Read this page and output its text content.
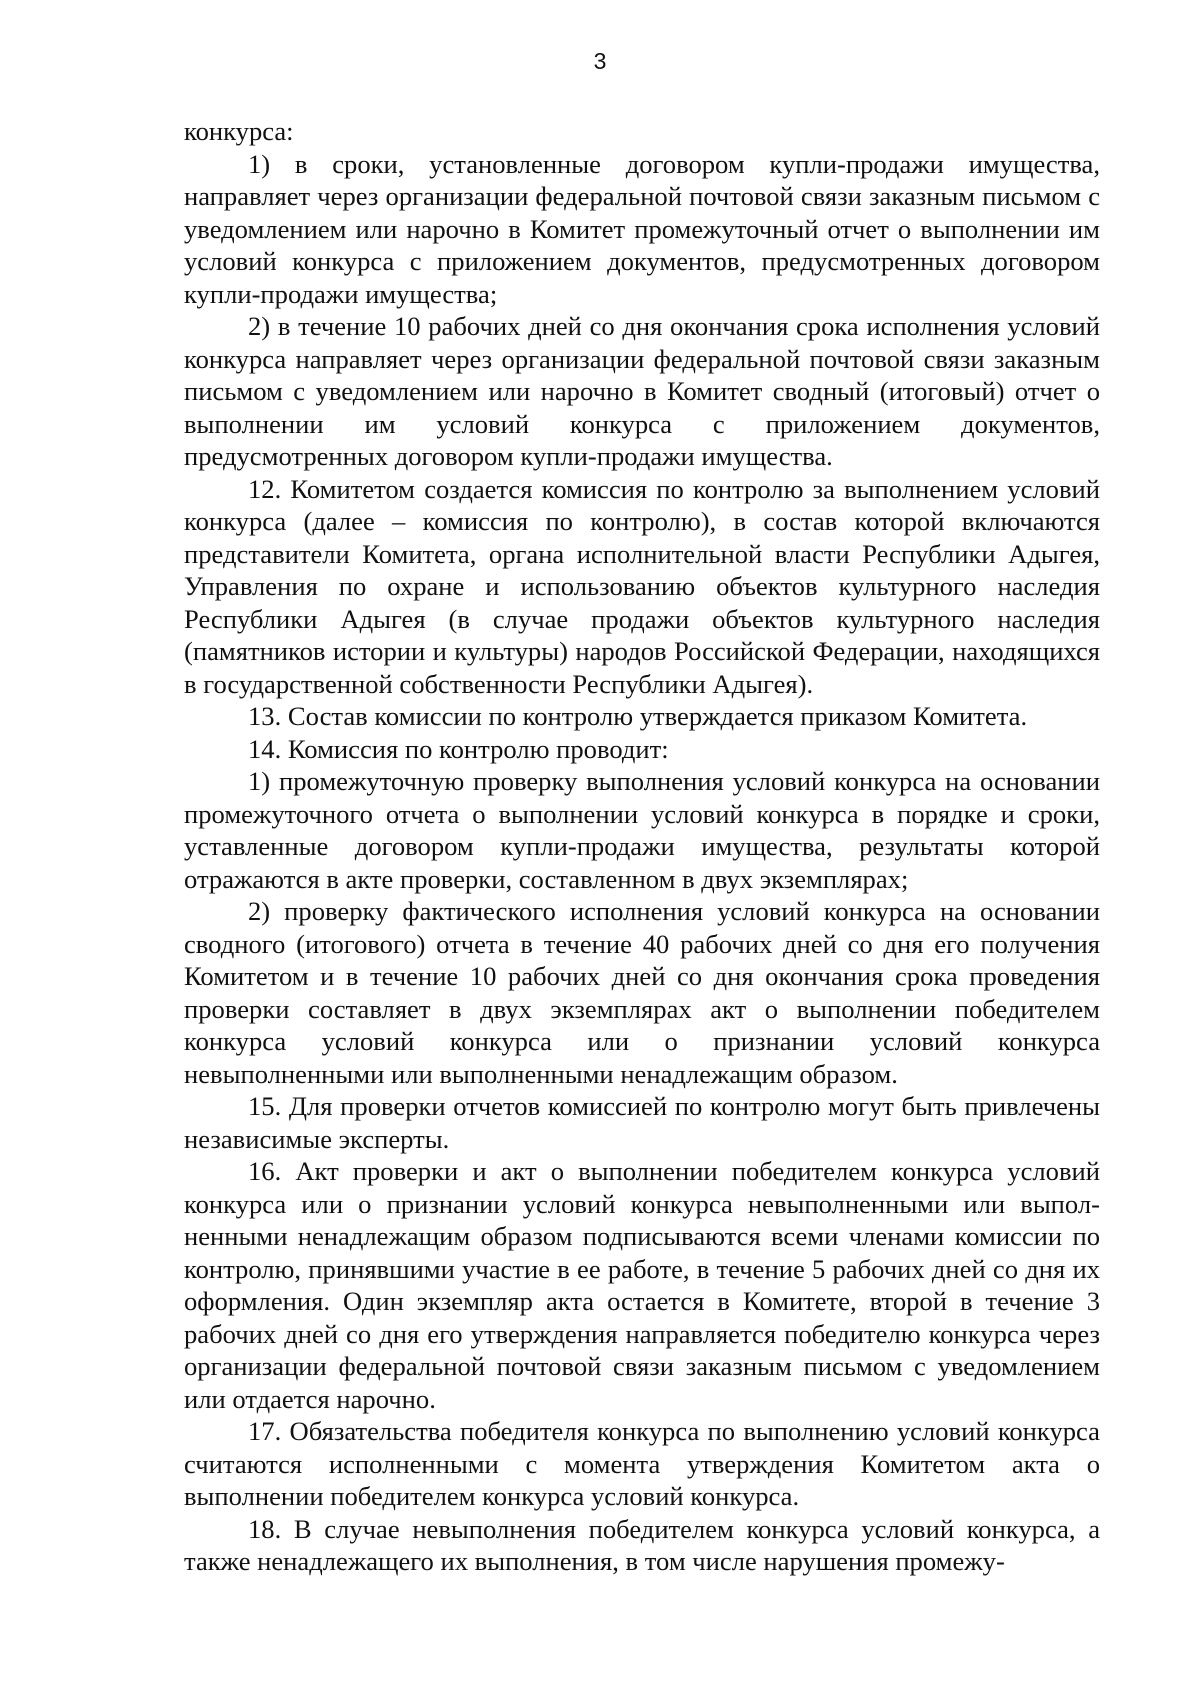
3

конкурса:

1) в сроки, установленные договором купли-продажи имущества, направляет через организации федеральной почтовой связи заказным письмом с уведомлением или нарочно в Комитет промежуточный отчет о выполнении им условий конкурса с приложением документов, предусмотренных договором купли-продажи имущества;

2) в течение 10 рабочих дней со дня окончания срока исполнения условий конкурса направляет через организации федеральной почтовой связи заказным письмом с уведомлением или нарочно в Комитет сводный (итоговый) отчет о выполнении им условий конкурса с приложением документов, предусмотренных договором купли-продажи имущества.

12. Комитетом создается комиссия по контролю за выполнением условий конкурса (далее – комиссия по контролю), в состав которой включаются представители Комитета, органа исполнительной власти Республики Адыгея, Управления по охране и использованию объектов культурного наследия Республики Адыгея (в случае продажи объектов культурного наследия (памятников истории и культуры) народов Российской Федерации, находящихся в государственной собственности Республики Адыгея).

13. Состав комиссии по контролю утверждается приказом Комитета.

14. Комиссия по контролю проводит:

1) промежуточную проверку выполнения условий конкурса на основании промежуточного отчета о выполнении условий конкурса в порядке и сроки, уставленные договором купли-продажи имущества, результаты которой отражаются в акте проверки, составленном в двух экземплярах;

2) проверку фактического исполнения условий конкурса на основании сводного (итогового) отчета в течение 40 рабочих дней со дня его получения Комитетом и в течение 10 рабочих дней со дня окончания срока проведения проверки составляет в двух экземплярах акт о выполнении победителем конкурса условий конкурса или о признании условий конкурса невыполненными или выполненными ненадлежащим образом.

15. Для проверки отчетов комиссией по контролю могут быть привлечены независимые эксперты.

16. Акт проверки и акт о выполнении победителем конкурса условий конкурса или о признании условий конкурса невыполненными или выполненными ненадлежащим образом подписываются всеми членами комиссии по контролю, принявшими участие в ее работе, в течение 5 рабочих дней со дня их оформления. Один экземпляр акта остается в Комитете, второй в течение 3 рабочих дней со дня его утверждения направляется победителю конкурса через организации федеральной почтовой связи заказным письмом с уведомлением или отдается нарочно.

17. Обязательства победителя конкурса по выполнению условий конкурса считаются исполненными с момента утверждения Комитетом акта о выполнении победителем конкурса условий конкурса.

18. В случае невыполнения победителем конкурса условий конкурса, а также ненадлежащего их выполнения, в том числе нарушения промежу-
